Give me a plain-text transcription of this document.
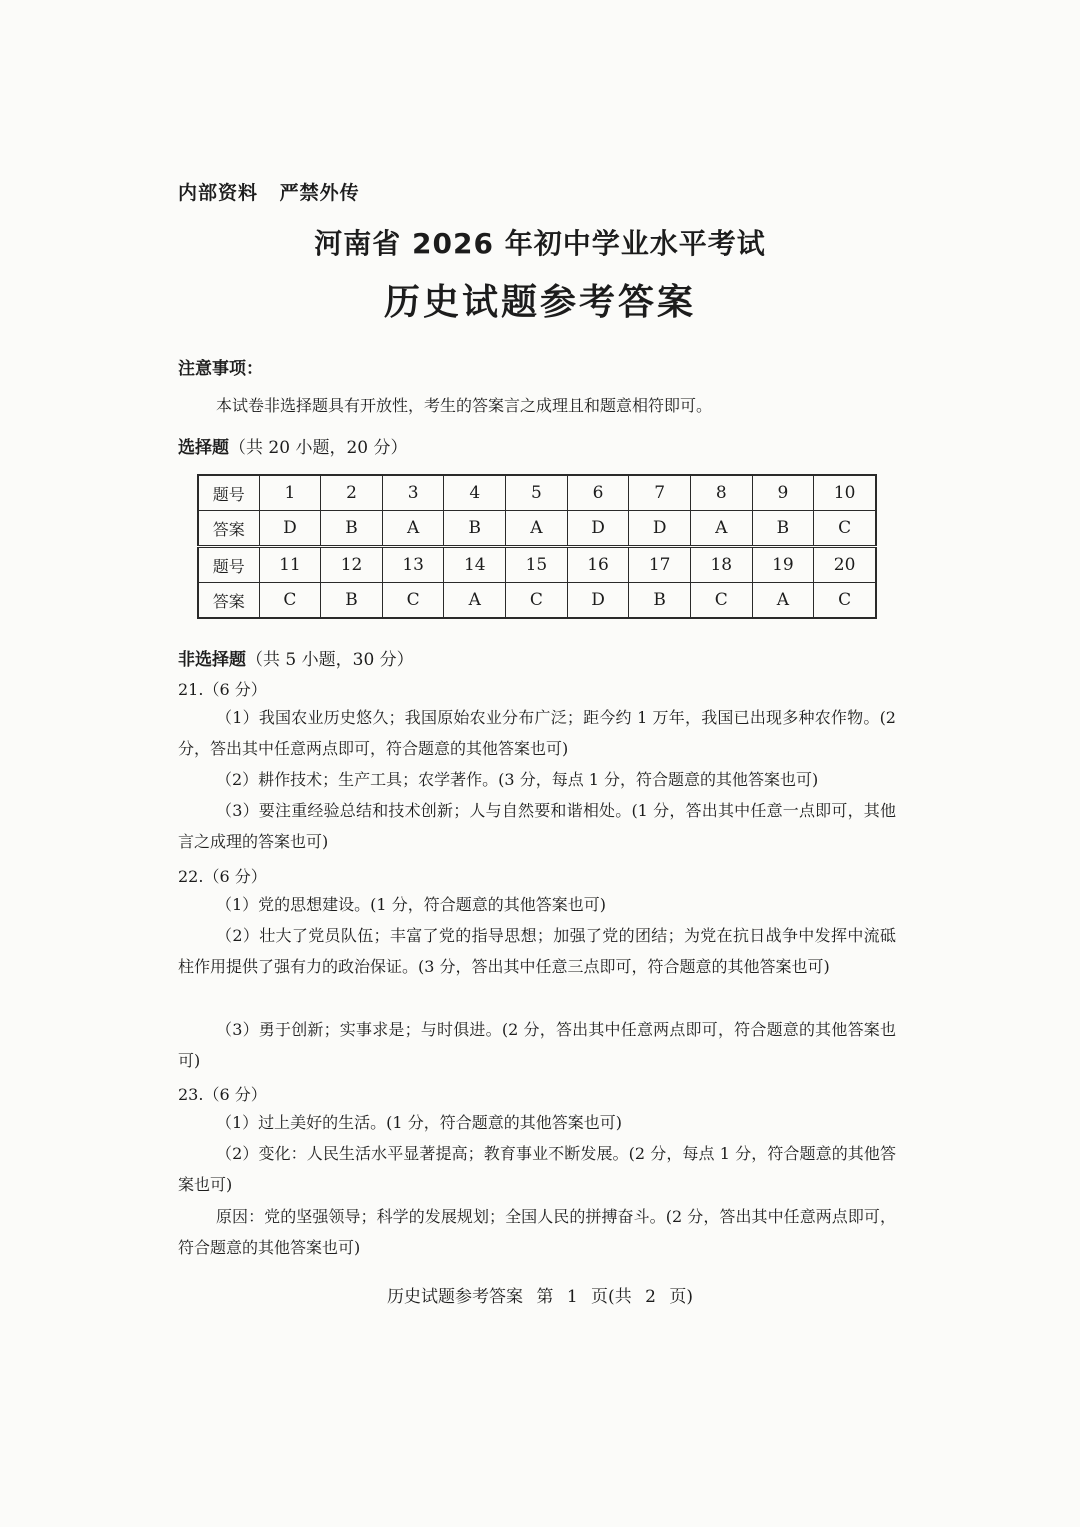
内部资料 严禁外传
河南省 2026 年初中学业水平考试
历史试题参考答案
注意事项：
本试卷非选择题具有开放性，考生的答案言之成理且和题意相符即可。
选择题（共 20 小题，20 分）
题号	1	2	3	4	5	6	7	8	9	10
答案	D	B	A	B	A	D	D	A	B	C
题号	11	12	13	14	15	16	17	18	19	20
答案	C	B	C	A	C	D	B	C	A	C
非选择题（共 5 小题，30 分）
21.（6 分）
（1）我国农业历史悠久；我国原始农业分布广泛；距今约 1 万年，我国已出现多种农作物。(2 分，答出其中任意两点即可，符合题意的其他答案也可)
（2）耕作技术；生产工具；农学著作。(3 分，每点 1 分，符合题意的其他答案也可)
（3）要注重经验总结和技术创新；人与自然要和谐相处。(1 分，答出其中任意一点即可，其他言之成理的答案也可)
22.（6 分）
（1）党的思想建设。(1 分，符合题意的其他答案也可)
（2）壮大了党员队伍；丰富了党的指导思想；加强了党的团结；为党在抗日战争中发挥中流砥柱作用提供了强有力的政治保证。(3 分，答出其中任意三点即可，符合题意的其他答案也可)
（3）勇于创新；实事求是；与时俱进。(2 分，答出其中任意两点即可，符合题意的其他答案也可)
23.（6 分）
（1）过上美好的生活。(1 分，符合题意的其他答案也可)
（2）变化：人民生活水平显著提高；教育事业不断发展。(2 分，每点 1 分，符合题意的其他答案也可)
原因：党的坚强领导；科学的发展规划；全国人民的拼搏奋斗。(2 分，答出其中任意两点即可，符合题意的其他答案也可)
历史试题参考答案 第 1 页(共 2 页)
